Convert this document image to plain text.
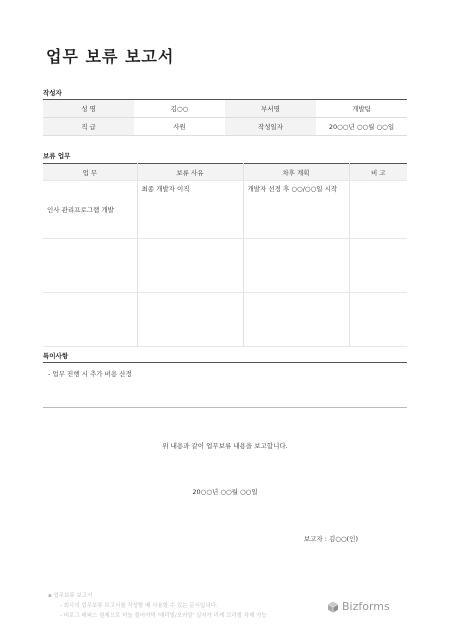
업무 보류 보고서
작성자
성 명	김○○	부서명	개발팀
직 급	사원	작성일자	20○○년 ○○월 ○○일
보류 업무
업 무	보류 사유	차후 계획	비 고
인사 관리프로그램 개발	최종 개발자 이직	개발자 선정 후 ○○/○○일 시작	

특이사항
- 업무 진행 시 추가 비용 산정
위 내용과 같이 업무보류 내용을 보고합니다.
20○○년 ○○월 ○○일
보고자 : 김○○(인)
▪ 업무보류 보고서
- 회사의 업무보류 보고서를 작성할 때 사용할 수 있는 문서입니다.
- 비로그 레퍼스 원제으로 미놀 불어야먹 '데리빌/모러알' 실저가 리케 끄리빌 삭제 가능
Bizforms
